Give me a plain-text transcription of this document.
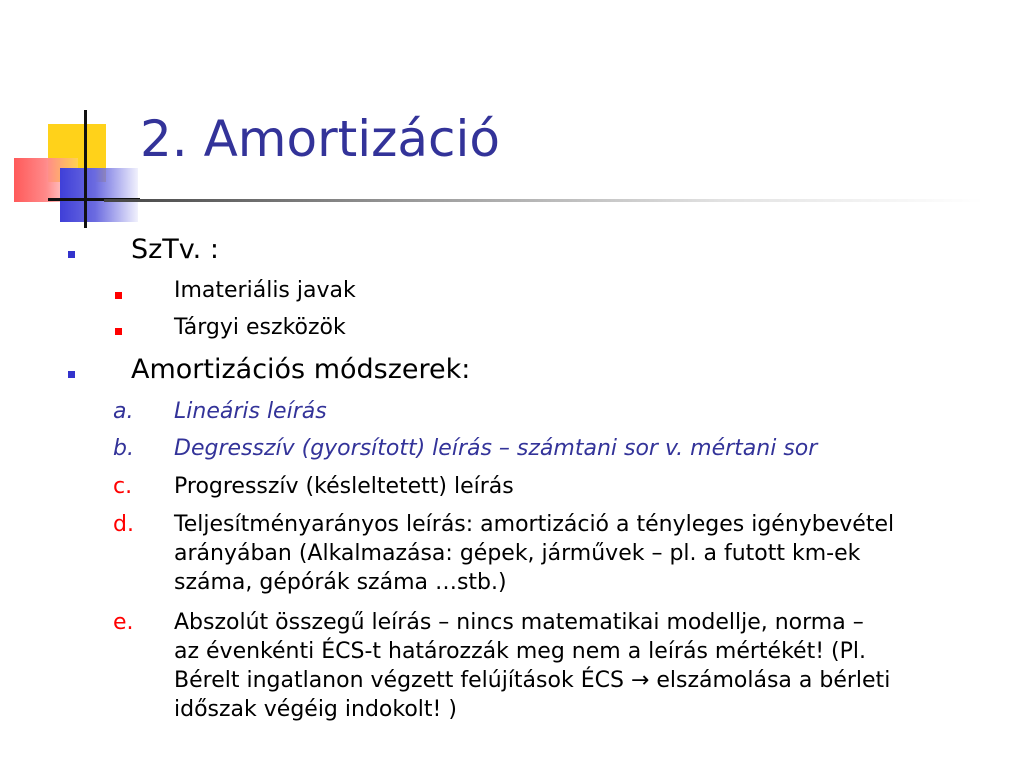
2. Amortizáció
SzTv. :
Imateriális javak
Tárgyi eszközök
Amortizációs módszerek:
a. Lineáris leírás
b. Degresszív (gyorsított) leírás – számtani sor v. mértani sor
c. Progresszív (késleltetett) leírás
d. Teljesítményarányos leírás: amortizáció a tényleges igénybevétel
arányában (Alkalmazása: gépek, járművek – pl. a futott km-ek
száma, gépórák száma …stb.)
e. Abszolút összegű leírás – nincs matematikai modellje, norma –
az évenkénti ÉCS-t határozzák meg nem a leírás mértékét! (Pl.
Bérelt ingatlanon végzett felújítások ÉCS → elszámolása a bérleti
időszak végéig indokolt! )
